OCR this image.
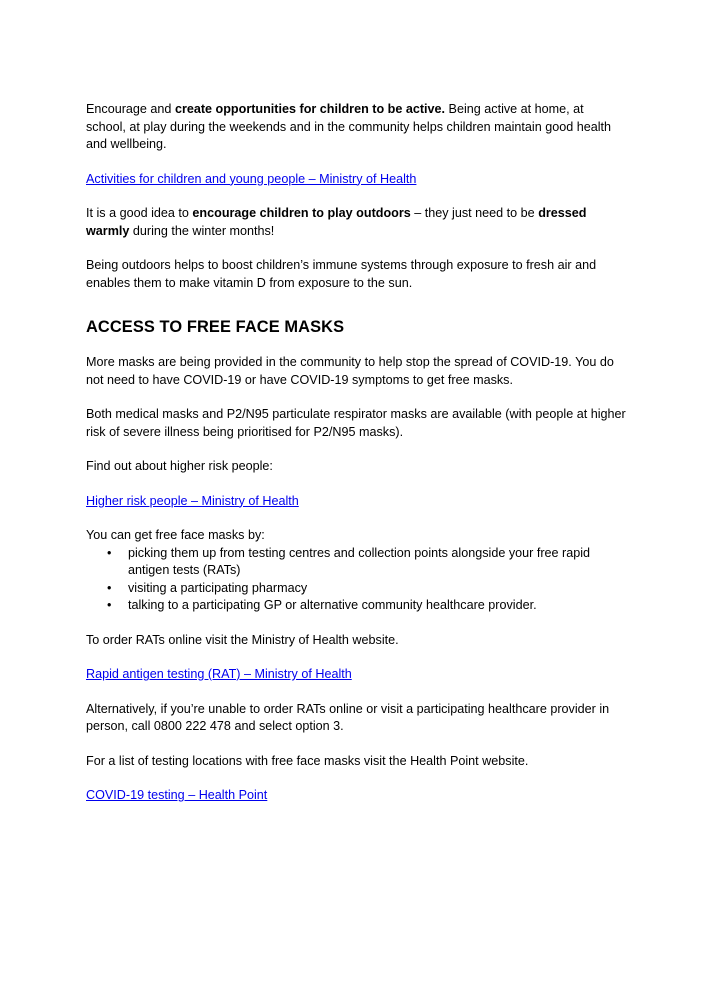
Encourage and create opportunities for children to be active. Being active at home, at school, at play during the weekends and in the community helps children maintain good health and wellbeing.

Activities for children and young people – Ministry of Health

It is a good idea to encourage children to play outdoors – they just need to be dressed warmly during the winter months!

Being outdoors helps to boost children’s immune systems through exposure to fresh air and enables them to make vitamin D from exposure to the sun.

ACCESS TO FREE FACE MASKS

More masks are being provided in the community to help stop the spread of COVID-19. You do not need to have COVID-19 or have COVID-19 symptoms to get free masks.

Both medical masks and P2/N95 particulate respirator masks are available (with people at higher risk of severe illness being prioritised for P2/N95 masks).

Find out about higher risk people:

Higher risk people – Ministry of Health

You can get free face masks by:

• picking them up from testing centres and collection points alongside your free rapid antigen tests (RATs)
• visiting a participating pharmacy
• talking to a participating GP or alternative community healthcare provider.

To order RATs online visit the Ministry of Health website.

Rapid antigen testing (RAT) – Ministry of Health

Alternatively, if you’re unable to order RATs online or visit a participating healthcare provider in person, call 0800 222 478 and select option 3.

For a list of testing locations with free face masks visit the Health Point website.

COVID-19 testing – Health Point
